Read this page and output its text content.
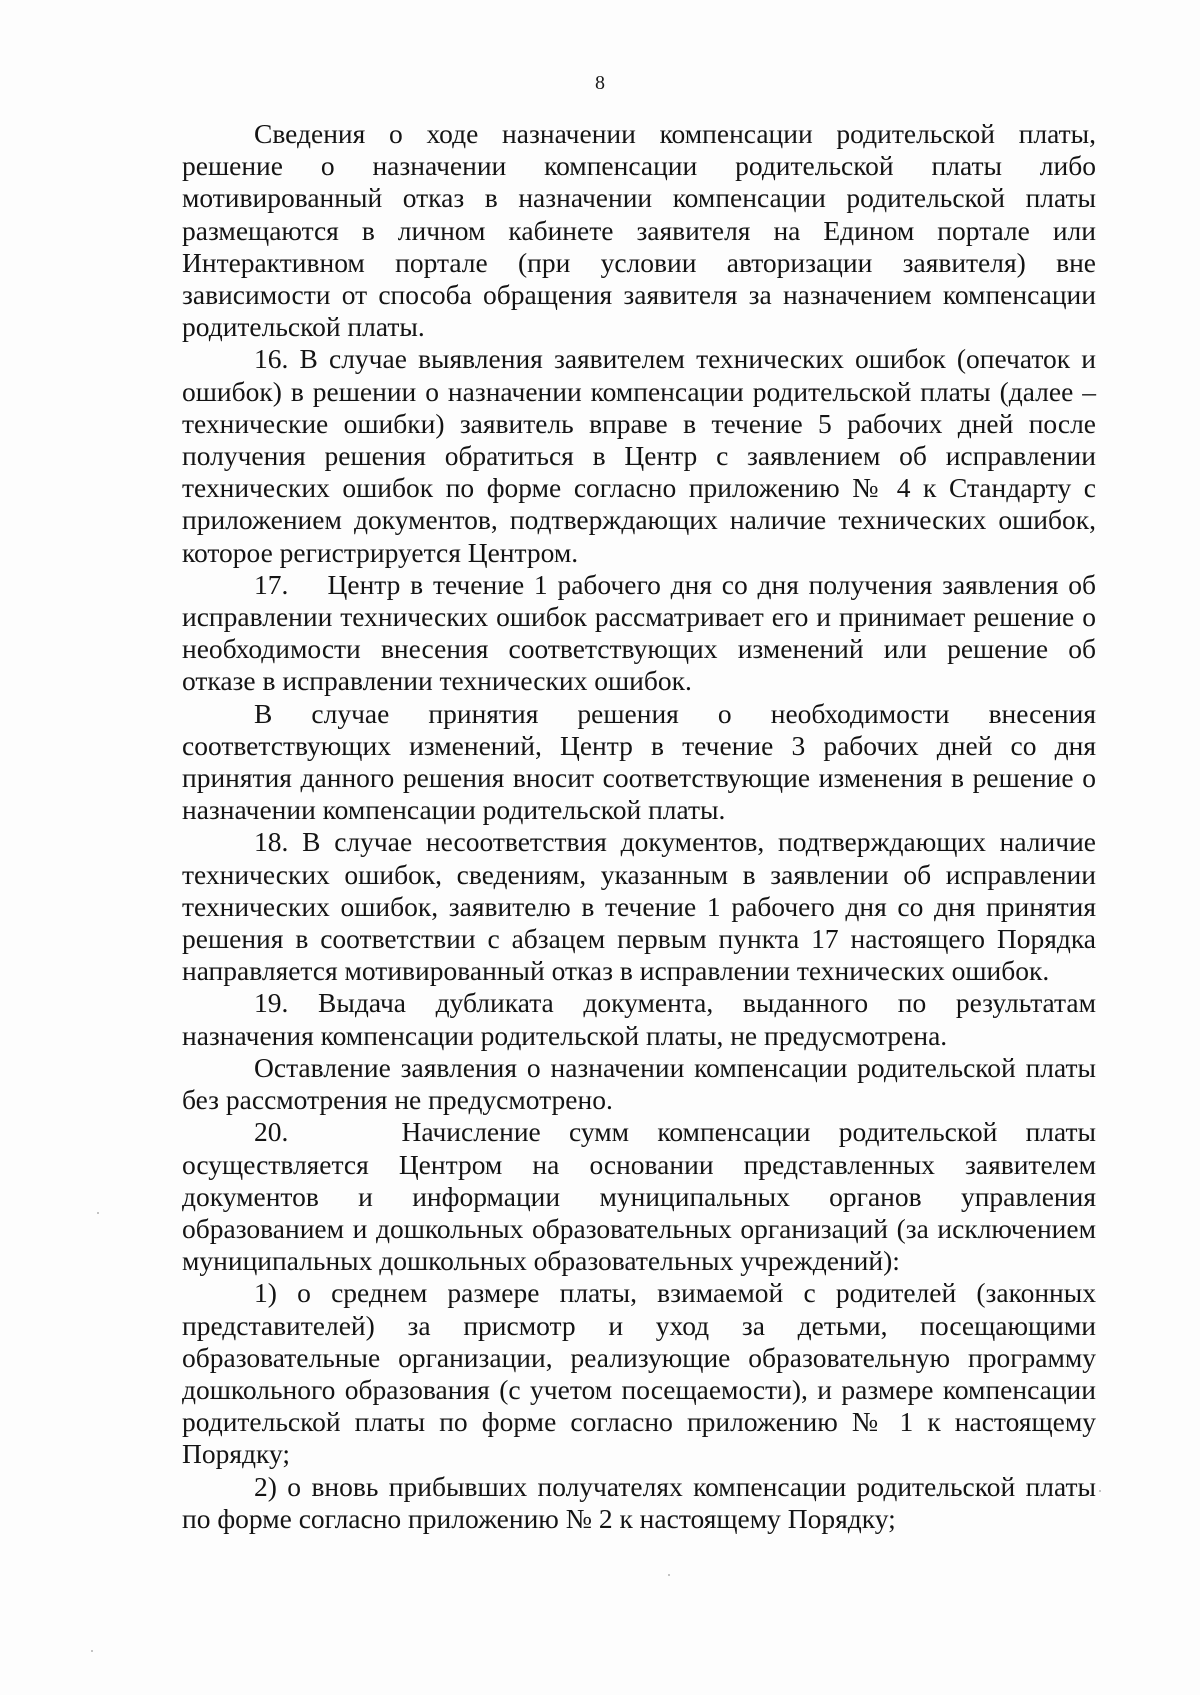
8

Сведения о ходе назначении компенсации родительской платы, решение о назначении компенсации родительской платы либо мотивированный отказ в назначении компенсации родительской платы размещаются в личном кабинете заявителя на Едином портале или Интерактивном портале (при условии авторизации заявителя) вне зависимости от способа обращения заявителя за назначением компенсации родительской платы.

16. В случае выявления заявителем технических ошибок (опечаток и ошибок) в решении о назначении компенсации родительской платы (далее – технические ошибки) заявитель вправе в течение 5 рабочих дней после получения решения обратиться в Центр с заявлением об исправлении технических ошибок по форме согласно приложению № 4 к Стандарту с приложением документов, подтверждающих наличие технических ошибок, которое регистрируется Центром.

17.    Центр в течение 1 рабочего дня со дня получения заявления об исправлении технических ошибок рассматривает его и принимает решение о необходимости внесения соответствующих изменений или решение об отказе в исправлении технических ошибок.

В случае принятия решения о необходимости внесения соответствующих изменений, Центр в течение 3 рабочих дней со дня принятия данного решения вносит соответствующие изменения в решение о назначении компенсации родительской платы.

18. В случае несоответствия документов, подтверждающих наличие технических ошибок, сведениям, указанным в заявлении об исправлении технических ошибок, заявителю в течение 1 рабочего дня со дня принятия решения в соответствии с абзацем первым пункта 17 настоящего Порядка направляется мотивированный отказ в исправлении технических ошибок.

19. Выдача дубликата документа, выданного по результатам назначения компенсации родительской платы, не предусмотрена.

Оставление заявления о назначении компенсации родительской платы без рассмотрения не предусмотрено.

20.    Начисление сумм компенсации родительской платы осуществляется Центром на основании представленных заявителем документов и информации муниципальных органов управления образованием и дошкольных образовательных организаций (за исключением муниципальных дошкольных образовательных учреждений):

1) о среднем размере платы, взимаемой с родителей (законных представителей) за присмотр и уход за детьми, посещающими образовательные организации, реализующие образовательную программу дошкольного образования (с учетом посещаемости), и размере компенсации родительской платы по форме согласно приложению № 1 к настоящему Порядку;

2) о вновь прибывших получателях компенсации родительской платы по форме согласно приложению № 2 к настоящему Порядку;
